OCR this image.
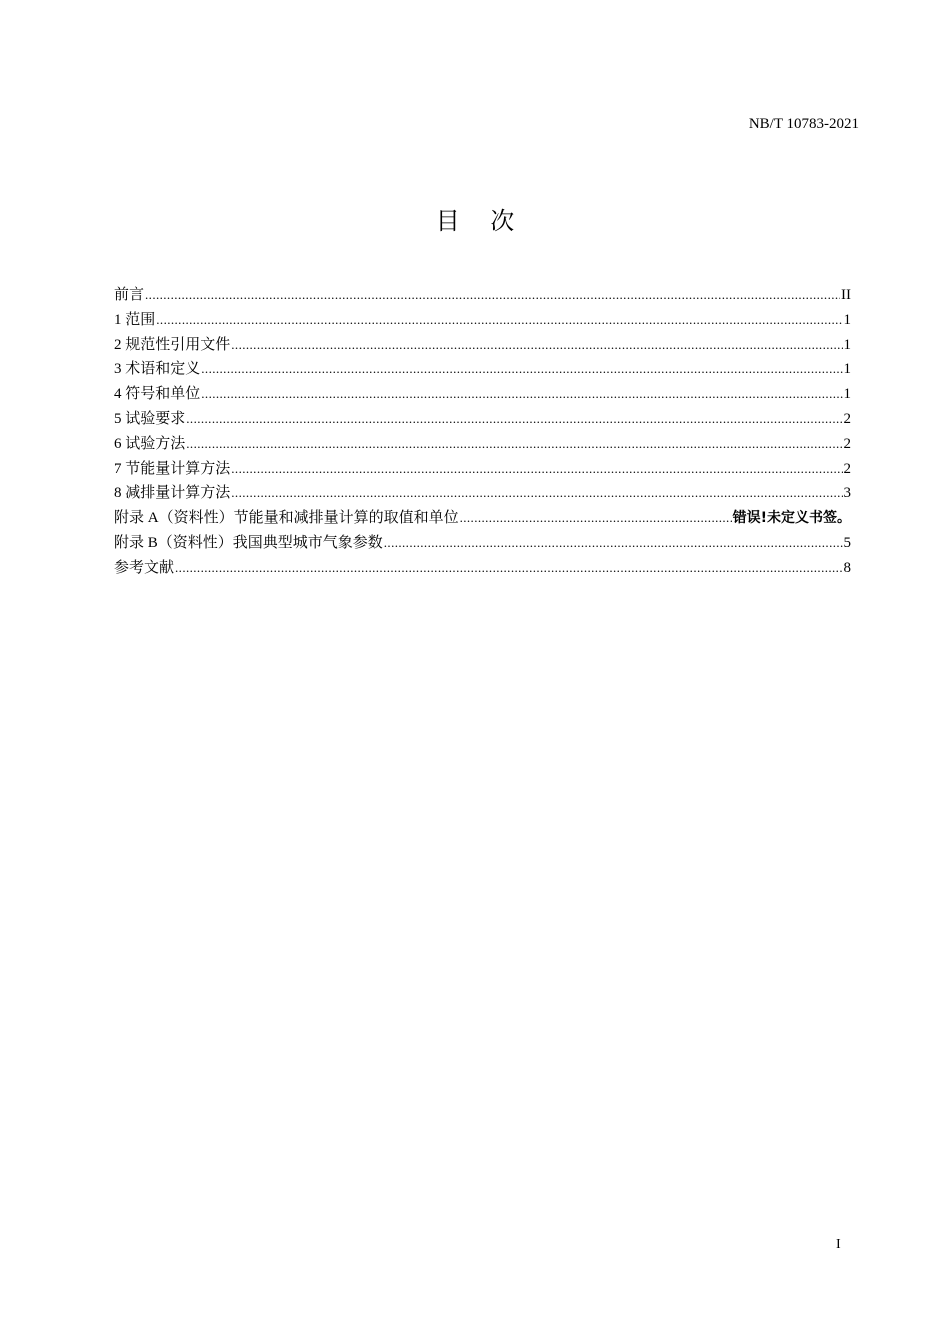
NB/T 10783-2021
目    次
前言 .....	II
1 范围 .....	1
2 规范性引用文件 .....	1
3 术语和定义 .....	1
4 符号和单位 .....	1
5 试验要求 .....	2
6 试验方法 .....	2
7 节能量计算方法 .....	2
8 减排量计算方法 .....	3
附录 A（资料性）节能量和减排量计算的取值和单位 .....	错误!未定义书签。
附录 B（资料性）我国典型城市气象参数 .....	5
参考文献 .....	8
I
